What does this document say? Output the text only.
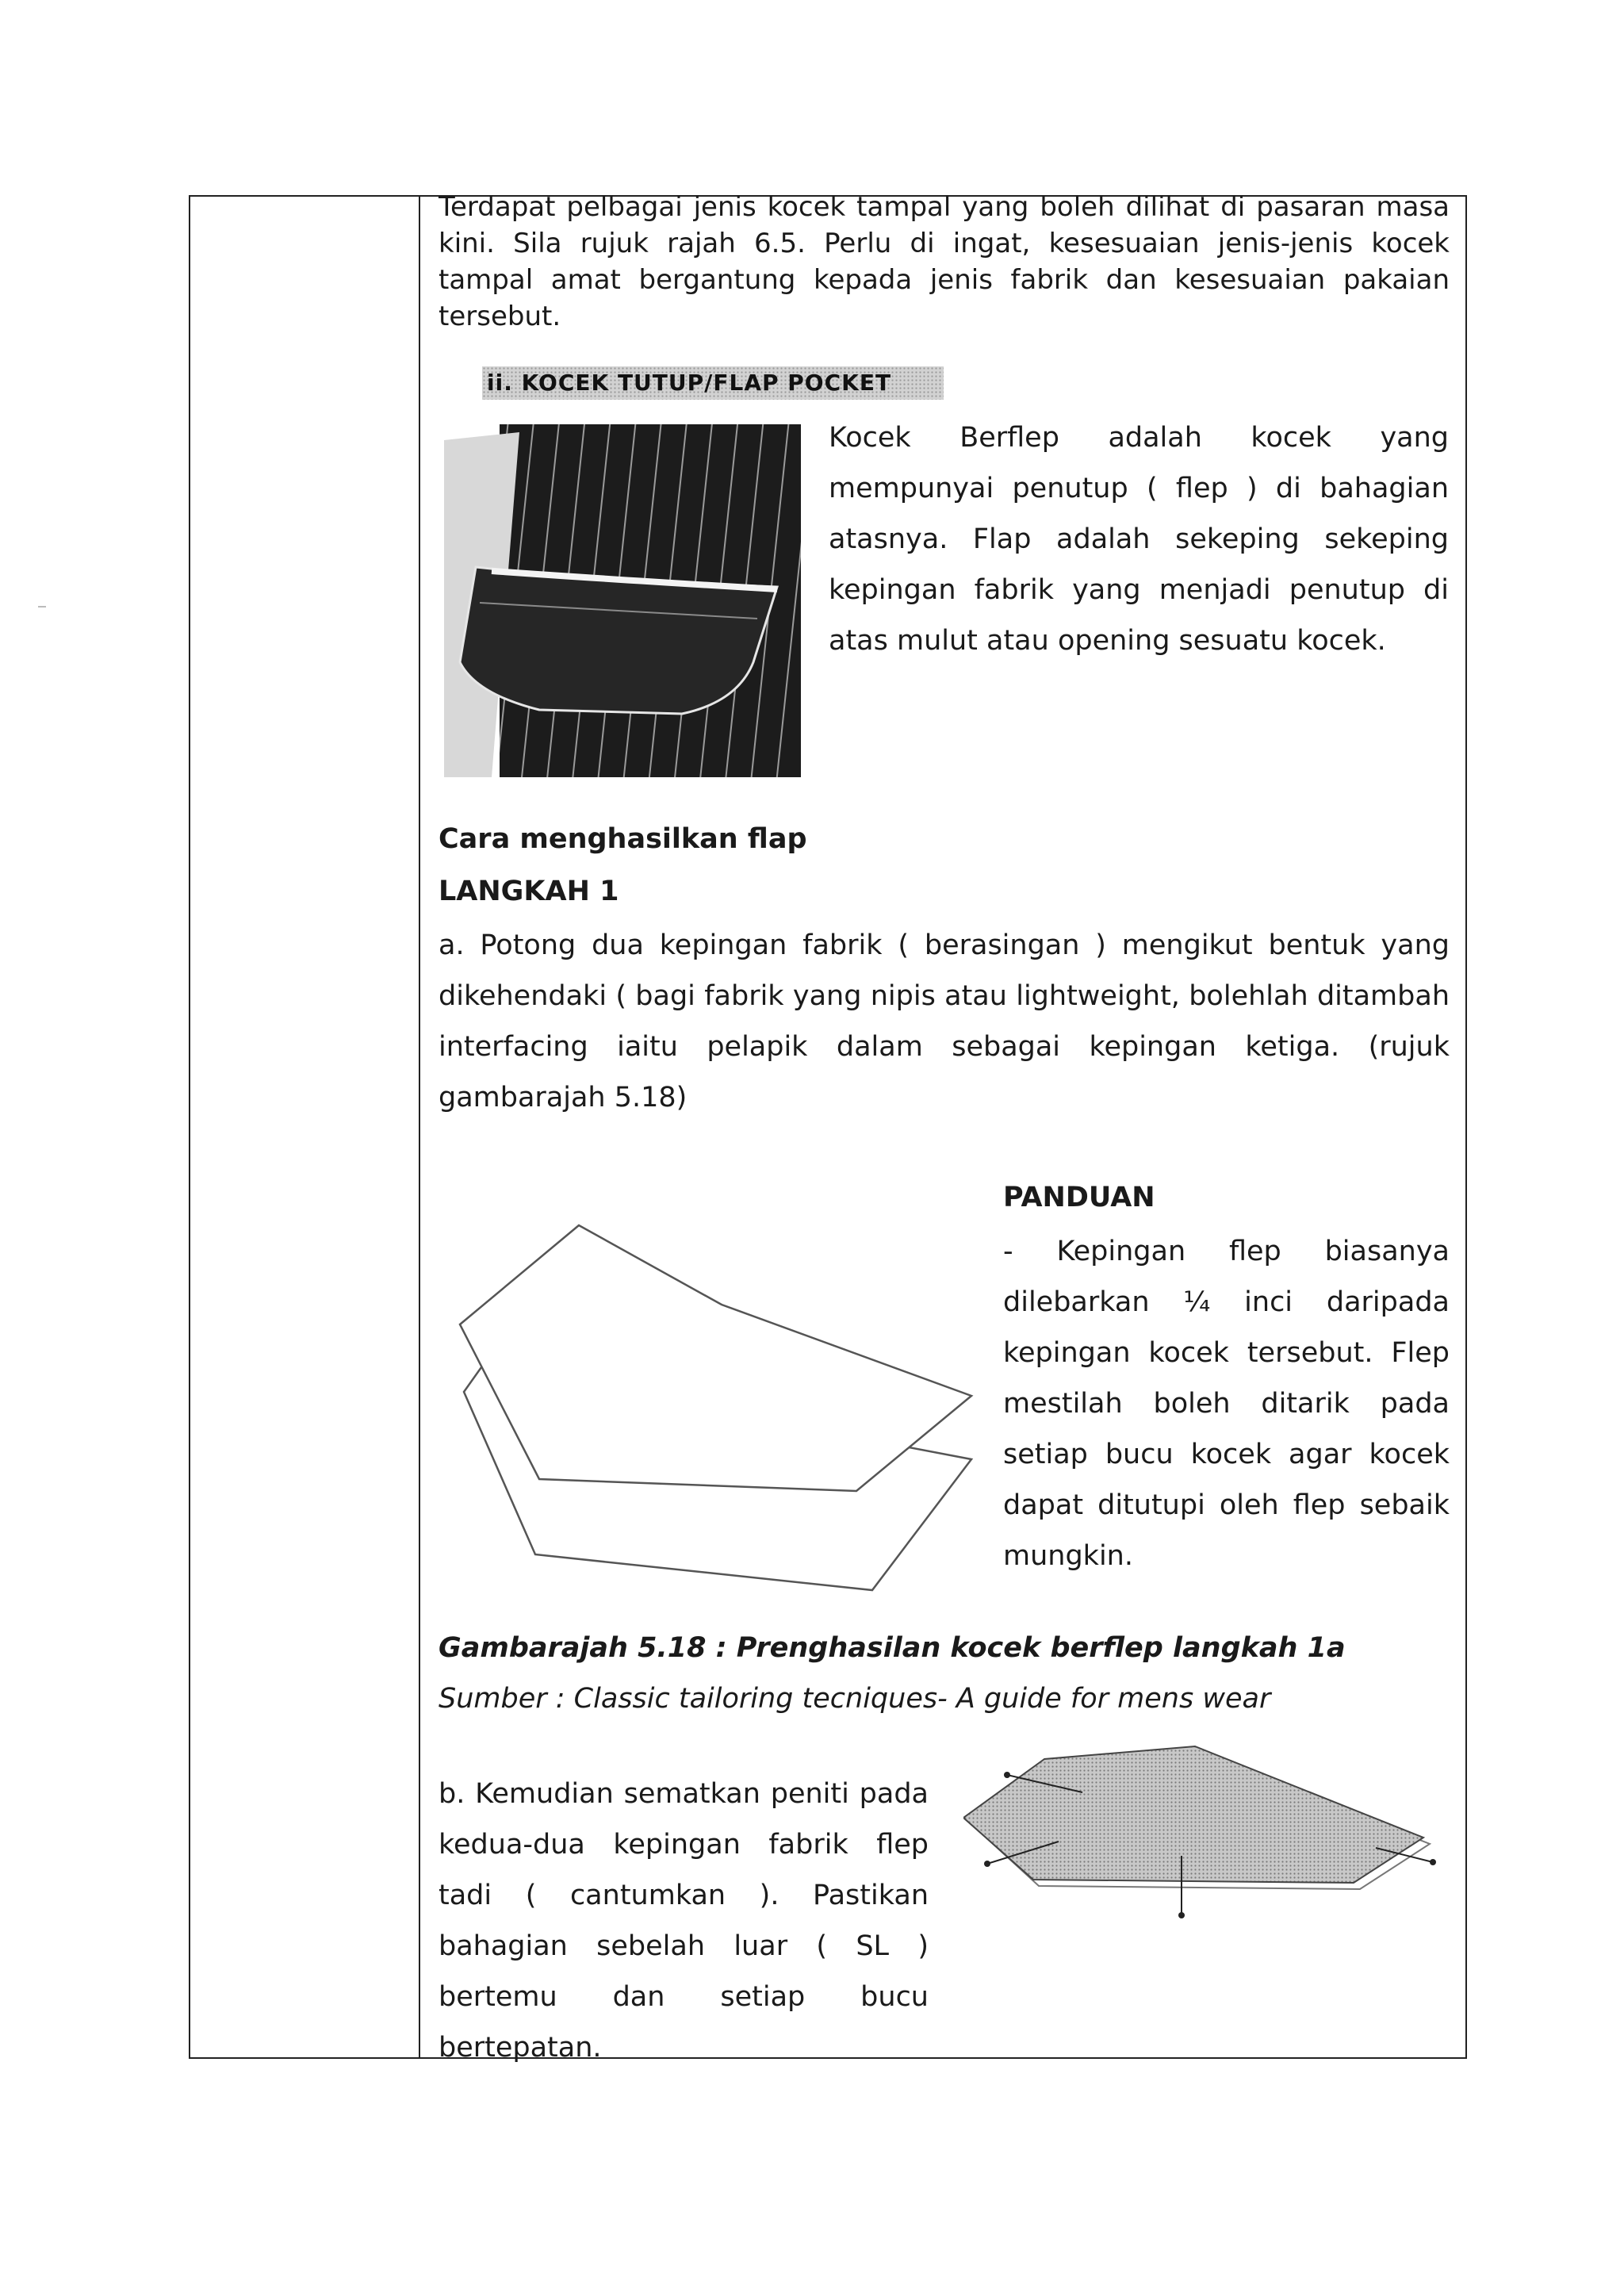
Terdapat pelbagai jenis kocek tampal yang boleh dilihat di pasaran masa kini. Sila rujuk rajah 6.5. Perlu di ingat, kesesuaian jenis-jenis kocek tampal amat bergantung kepada jenis fabrik dan kesesuaian pakaian tersebut.
ii. KOCEK TUTUP/FLAP POCKET
Kocek Berflep adalah kocek yang mempunyai penutup ( flep ) di bahagian atasnya. Flap adalah sekeping sekeping kepingan fabrik yang menjadi penutup di atas mulut atau opening sesuatu kocek.
Cara menghasilkan flap
LANGKAH 1
a. Potong dua kepingan fabrik ( berasingan ) mengikut bentuk yang dikehendaki ( bagi fabrik yang nipis atau lightweight, bolehlah ditambah interfacing iaitu pelapik dalam sebagai kepingan ketiga. (rujuk gambarajah 5.18)
PANDUAN
- Kepingan flep biasanya dilebarkan ¼ inci daripada kepingan kocek tersebut. Flep mestilah boleh ditarik pada setiap bucu kocek agar kocek dapat ditutupi oleh flep sebaik mungkin.
Gambarajah 5.18 : Prenghasilan kocek berflep langkah 1a
Sumber : Classic tailoring tecniques- A guide for mens wear
b. Kemudian sematkan peniti pada kedua-dua kepingan fabrik flep tadi ( cantumkan ). Pastikan bahagian sebelah luar ( SL ) bertemu dan setiap bucu bertepatan.
